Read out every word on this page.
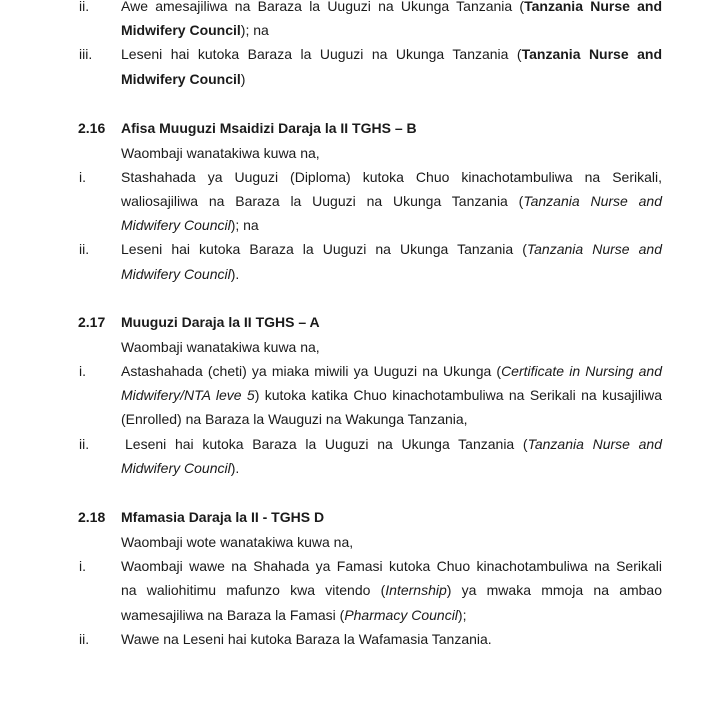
ii. Awe amesajiliwa na Baraza la Uuguzi na Ukunga Tanzania (Tanzania Nurse and
Midwifery Council); na
iii. Leseni hai kutoka Baraza la Uuguzi na Ukunga Tanzania (Tanzania Nurse and
Midwifery Council)
2.16 Afisa Muuguzi Msaidizi Daraja la II TGHS – B
Waombaji wanatakiwa kuwa na,
i.	Stashahada ya Uuguzi (Diploma) kutoka Chuo kinachotambuliwa na Serikali,
waliosajiliwa na Baraza la Uuguzi na Ukunga Tanzania (Tanzania Nurse and
Midwifery Council); na
ii. Leseni hai kutoka Baraza la Uuguzi na Ukunga Tanzania (Tanzania Nurse and
Midwifery Council).
2.17 Muuguzi Daraja la II TGHS – A
Waombaji wanatakiwa kuwa na,
i.	Astashahada (cheti) ya miaka miwili ya Uuguzi na Ukunga (Certificate in Nursing and
Midwifery/NTA leve 5) kutoka katika Chuo kinachotambuliwa na Serikali na kusajiliwa
(Enrolled) na Baraza la Wauguzi na Wakunga Tanzania,
ii.	Leseni hai kutoka Baraza la Uuguzi na Ukunga Tanzania (Tanzania Nurse and
Midwifery Council).
2.18 Mfamasia Daraja la II - TGHS D
Waombaji wote wanatakiwa kuwa na,
i.	Waombaji wawe na Shahada ya Famasi kutoka Chuo kinachotambuliwa na Serikali
na waliohitimu mafunzo kwa vitendo (Internship) ya mwaka mmoja na ambao
wamesajiliwa na Baraza la Famasi (Pharmacy Council);
ii. Wawe na Leseni hai kutoka Baraza la Wafamasia Tanzania.
